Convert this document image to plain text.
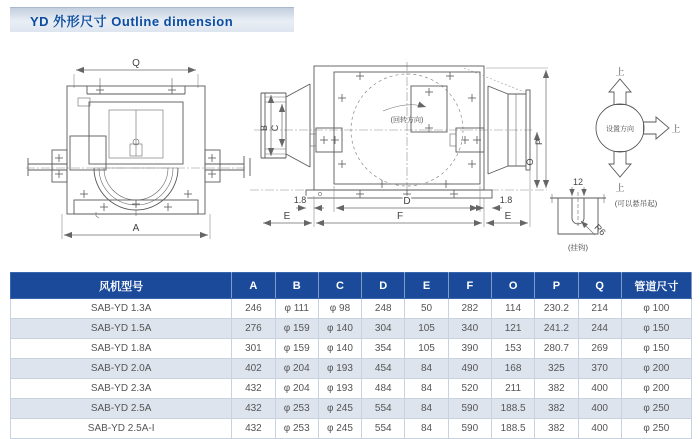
YD 外形尺寸 Outline dimension
Q
A
(回转方向)
B C
O
P
D
F
E	E
1.8	1.8
上
上
上
设置方向
(可以悬吊起)
12
R6
(挂钩)
风机型号	A	B	C	D	E	F	O	P	Q	管道尺寸
SAB-YD 1.3A	246	φ 111	φ 98	248	50	282	114	230.2	214	φ 100
SAB-YD 1.5A	276	φ 159	φ 140	304	105	340	121	241.2	244	φ 150
SAB-YD 1.8A	301	φ 159	φ 140	354	105	390	153	280.7	269	φ 150
SAB-YD 2.0A	402	φ 204	φ 193	454	84	490	168	325	370	φ 200
SAB-YD 2.3A	432	φ 204	φ 193	484	84	520	211	382	400	φ 200
SAB-YD 2.5A	432	φ 253	φ 245	554	84	590	188.5	382	400	φ 250
SAB-YD 2.5A-I	432	φ 253	φ 245	554	84	590	188.5	382	400	φ 250
